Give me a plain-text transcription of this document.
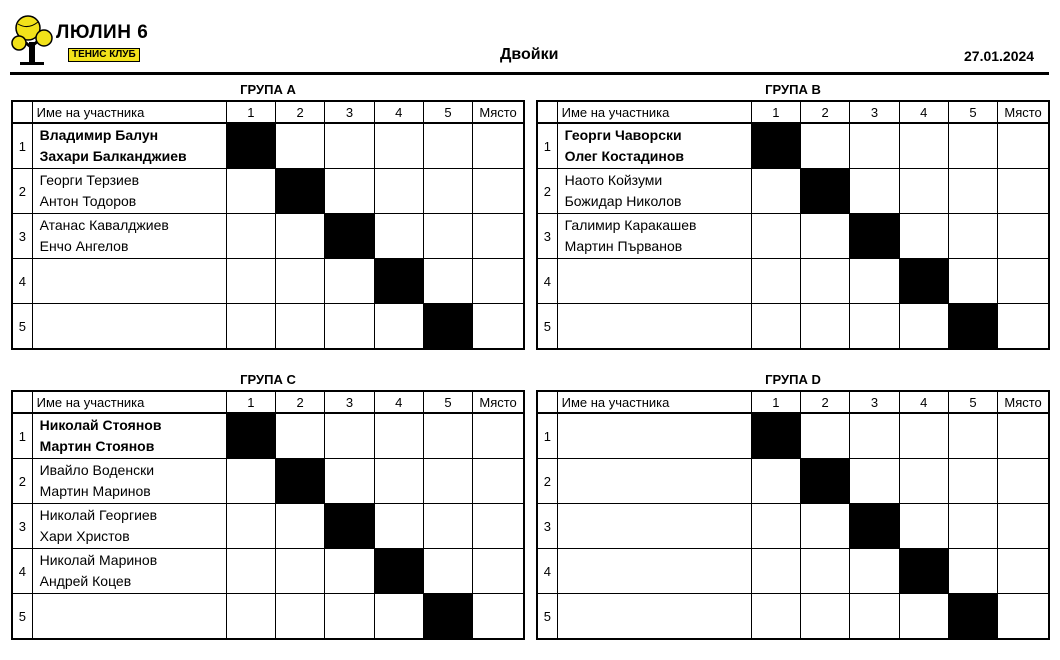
ЛЮЛИН 6
ТЕНИС КЛУБ	Двойки	27.01.2024
ГРУПА A
	Име на участника	1	2	3	4	5	Място
1	Владимир Балун
Захари Балканджиев						

2	Георги Терзиев
Антон Тодоров						

3	Атанас Кавалджиев
Енчо Ангелов						

4	

5	

ГРУПА B
	Име на участника	1	2	3	4	5	Място
1	Георги Чаворски
Олег Костадинов						

2	Наото Койзуми
Божидар Николов						

3	Галимир Каракашев
Мартин Първанов						

4	

5	

ГРУПА C
	Име на участника	1	2	3	4	5	Място
1	Николай Стоянов
Мартин Стоянов						

2	Ивайло Воденски
Мартин Маринов						

3	Николай Георгиев
Хари Христов						

4	Николай Маринов
Андрей Коцев						

5	

ГРУПА D
	Име на участника	1	2	3	4	5	Място
1	

2	

3	

4	

5	
